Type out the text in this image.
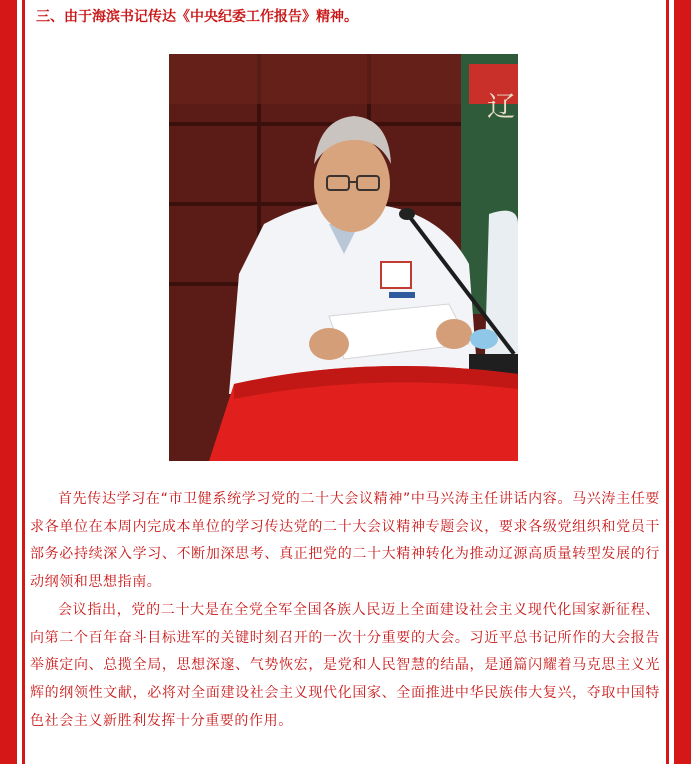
三、由于海滨书记传达《中央纪委工作报告》精神。
辽

首先传达学习在“市卫健系统学习党的二十大会议精神”中马兴涛主任讲话内容。马兴涛主任要求各单位在本周内完成本单位的学习传达党的二十大会议精神专题会议，要求各级党组织和党员干部务必持续深入学习、不断加深思考、真正把党的二十大精神转化为推动辽源高质量转型发展的行动纲领和思想指南。

会议指出，党的二十大是在全党全军全国各族人民迈上全面建设社会主义现代化国家新征程、向第二个百年奋斗目标进军的关键时刻召开的一次十分重要的大会。习近平总书记所作的大会报告举旗定向、总揽全局，思想深邃、气势恢宏，是党和人民智慧的结晶，是通篇闪耀着马克思主义光辉的纲领性文献，必将对全面建设社会主义现代化国家、全面推进中华民族伟大复兴，夺取中国特色社会主义新胜利发挥十分重要的作用。
